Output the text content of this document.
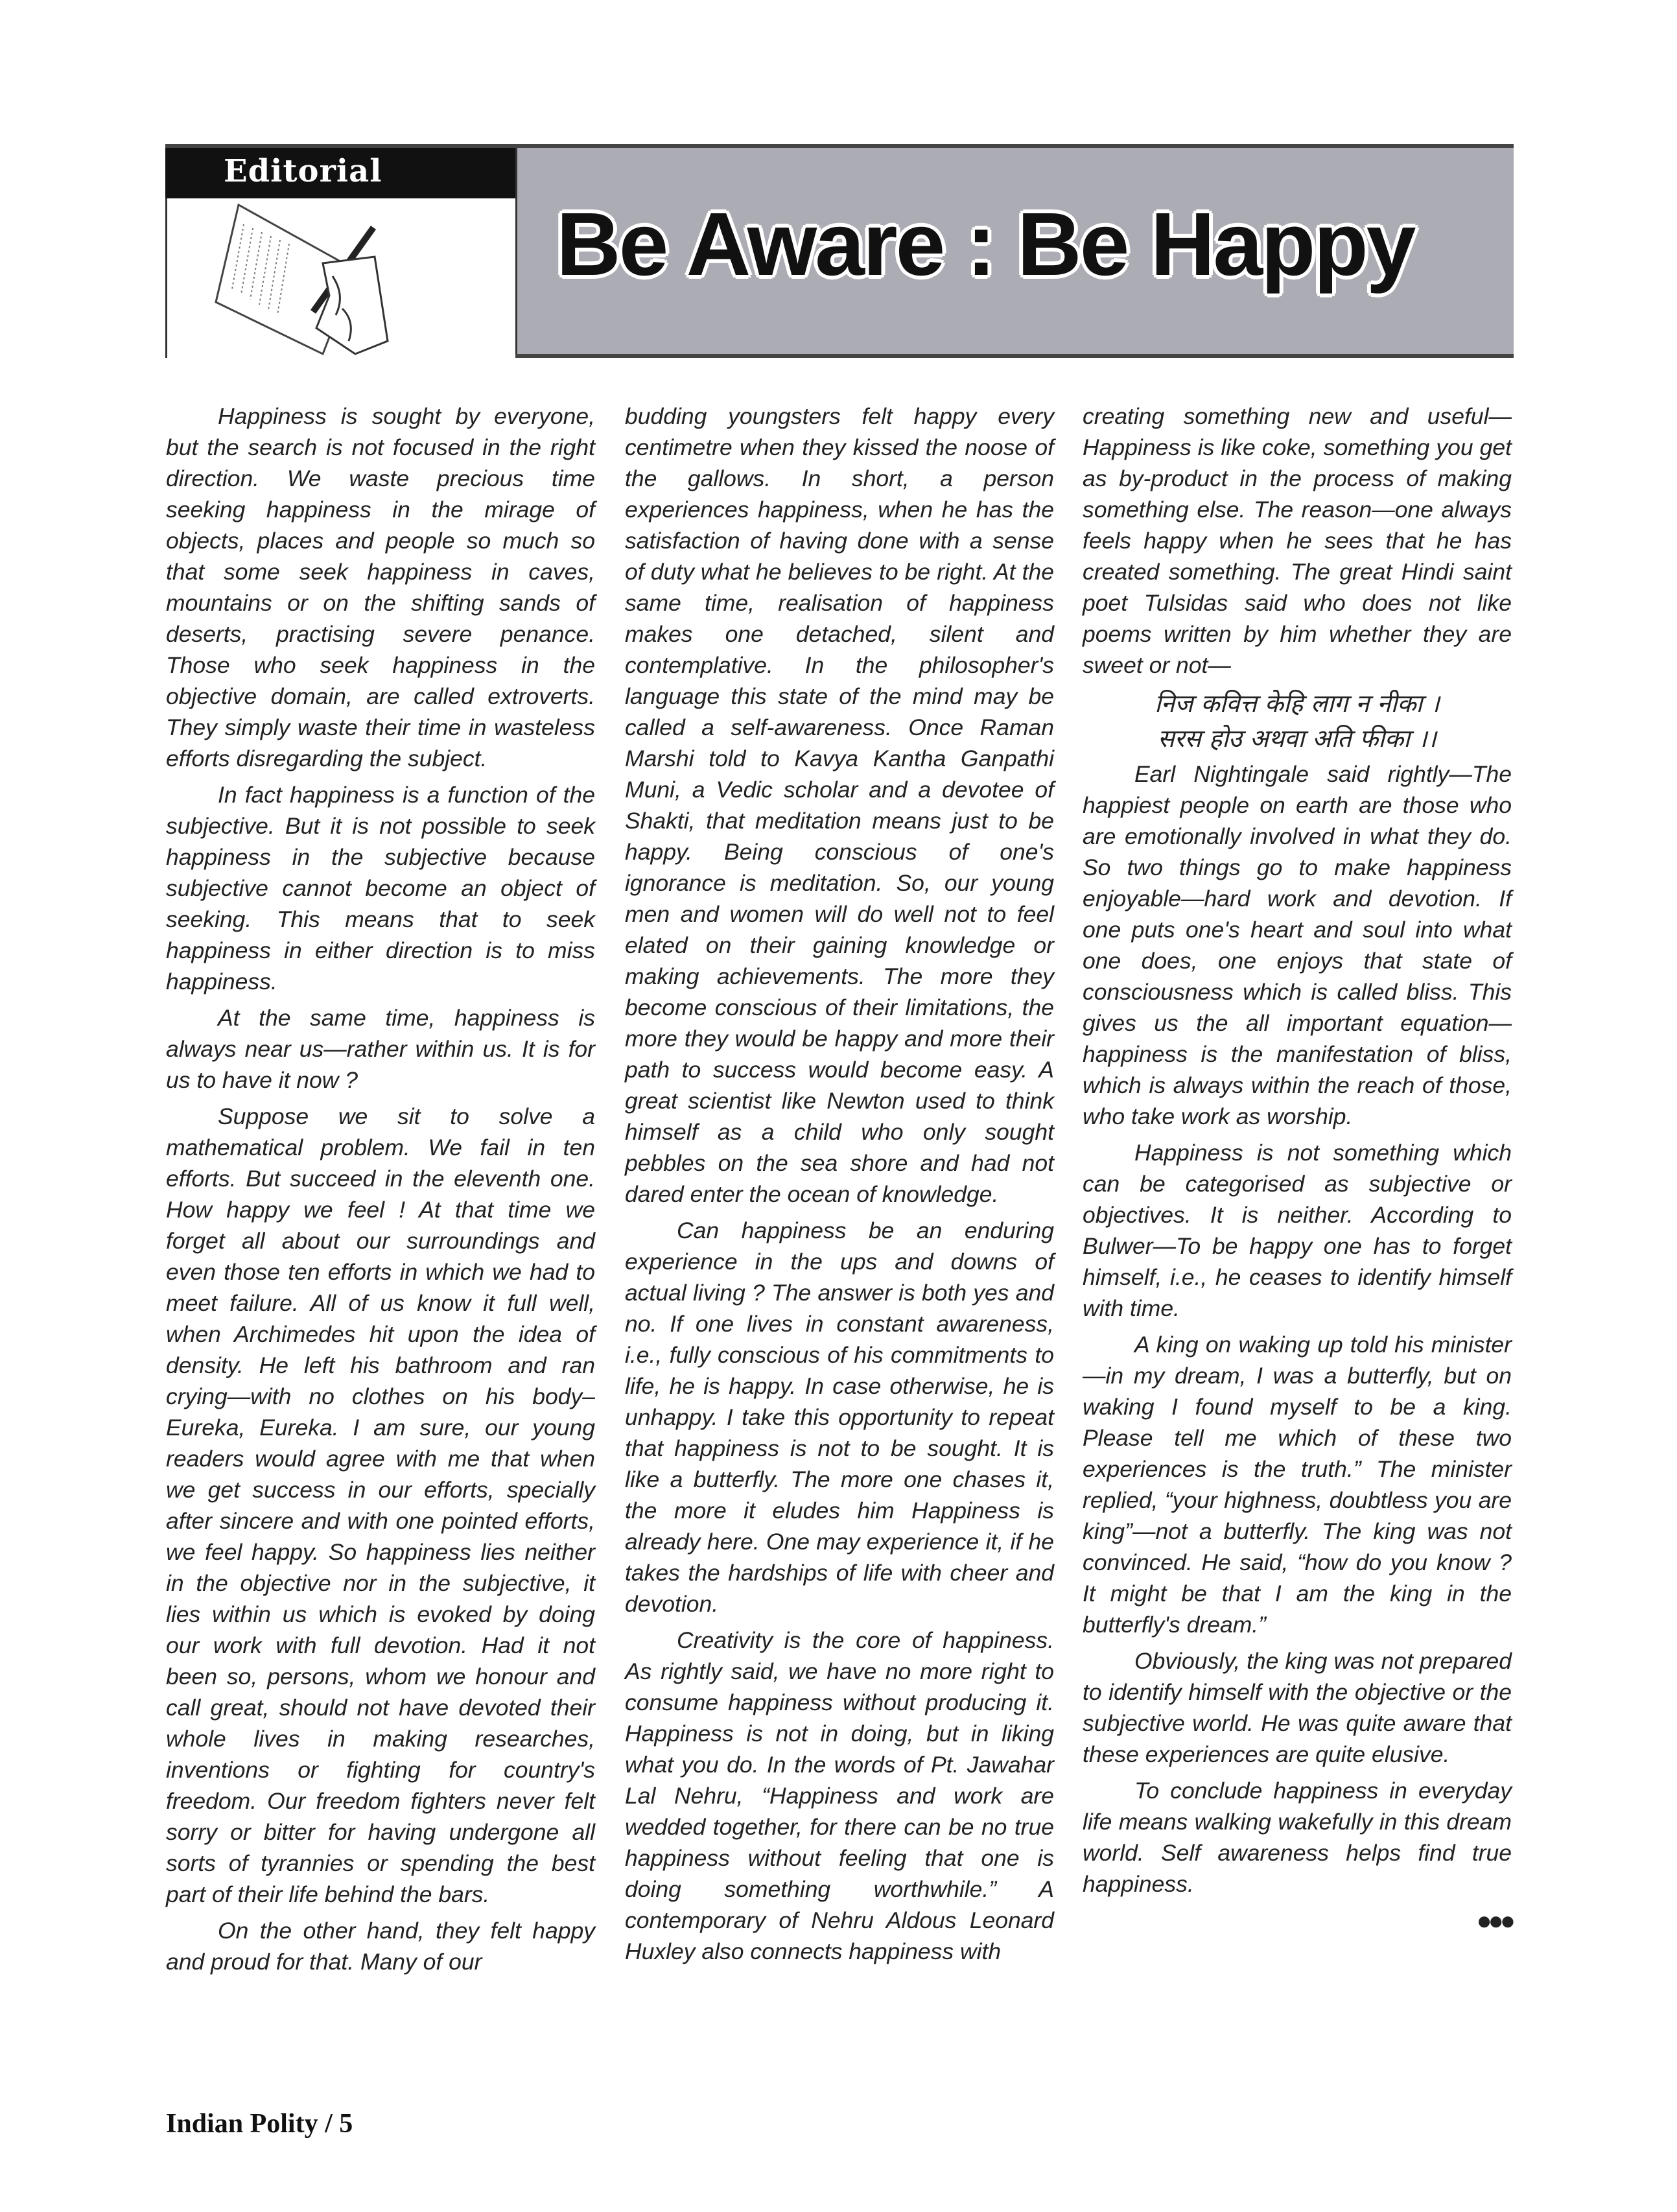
Editorial
Be Aware : Be Happy

Happiness is sought by everyone, but the search is not focused in the right direction. We waste precious time seeking happiness in the mirage of objects, places and people so much so that some seek happiness in caves, mountains or on the shifting sands of deserts, practising severe penance. Those who seek happiness in the objective domain, are called extroverts. They simply waste their time in wasteless efforts disregarding the subject.

In fact happiness is a function of the subjective. But it is not possible to seek happiness in the subjective because subjective cannot become an object of seeking. This means that to seek happiness in either direction is to miss happiness.

At the same time, happiness is always near us—rather within us. It is for us to have it now ?

Suppose we sit to solve a mathematical problem. We fail in ten efforts. But succeed in the eleventh one. How happy we feel ! At that time we forget all about our surroundings and even those ten efforts in which we had to meet failure. All of us know it full well, when Archimedes hit upon the idea of density. He left his bathroom and ran crying—with no clothes on his body–Eureka, Eureka. I am sure, our young readers would agree with me that when we get success in our efforts, specially after sincere and with one pointed efforts, we feel happy. So happiness lies neither in the objective nor in the subjective, it lies within us which is evoked by doing our work with full devotion. Had it not been so, persons, whom we honour and call great, should not have devoted their whole lives in making researches, inventions or fighting for country's freedom. Our freedom fighters never felt sorry or bitter for having undergone all sorts of tyrannies or spending the best part of their life behind the bars.

On the other hand, they felt happy and proud for that. Many of our

budding youngsters felt happy every centimetre when they kissed the noose of the gallows. In short, a person experiences happiness, when he has the satisfaction of having done with a sense of duty what he believes to be right. At the same time, realisation of happiness makes one detached, silent and contemplative. In the philosopher's language this state of the mind may be called a self-awareness. Once Raman Marshi told to Kavya Kantha Ganpathi Muni, a Vedic scholar and a devotee of Shakti, that meditation means just to be happy. Being conscious of one's ignorance is meditation. So, our young men and women will do well not to feel elated on their gaining knowledge or making achievements. The more they become conscious of their limitations, the more they would be happy and more their path to success would become easy. A great scientist like Newton used to think himself as a child who only sought pebbles on the sea shore and had not dared enter the ocean of knowledge.

Can happiness be an enduring experience in the ups and downs of actual living ? The answer is both yes and no. If one lives in constant awareness, i.e., fully conscious of his commitments to life, he is happy. In case otherwise, he is unhappy. I take this opportunity to repeat that happiness is not to be sought. It is like a butterfly. The more one chases it, the more it eludes him Happiness is already here. One may experience it, if he takes the hardships of life with cheer and devotion.

Creativity is the core of happiness. As rightly said, we have no more right to consume happiness without producing it. Happiness is not in doing, but in liking what you do. In the words of Pt. Jawahar Lal Nehru, “Happiness and work are wedded together, for there can be no true happiness without feeling that one is doing something worthwhile.” A contemporary of Nehru Aldous Leonard Huxley also connects happiness with

creating something new and useful—Happiness is like coke, something you get as by-product in the process of making something else. The reason—one always feels happy when he sees that he has created something. The great Hindi saint poet Tulsidas said who does not like poems written by him whether they are sweet or not—

निज कवित्त केहि लाग न नीका ।
सरस होउ अथवा अति फीका ।।

Earl Nightingale said rightly—The happiest people on earth are those who are emotionally involved in what they do. So two things go to make happiness enjoyable—hard work and devotion. If one puts one's heart and soul into what one does, one enjoys that state of consciousness which is called bliss. This gives us the all important equation—happiness is the manifestation of bliss, which is always within the reach of those, who take work as worship.

Happiness is not something which can be categorised as subjective or objectives. It is neither. According to Bulwer—To be happy one has to forget himself, i.e., he ceases to identify himself with time.

A king on waking up told his minister—in my dream, I was a butterfly, but on waking I found myself to be a king. Please tell me which of these two experiences is the truth.” The minister replied, “your highness, doubtless you are king”—not a butterfly. The king was not convinced. He said, “how do you know ? It might be that I am the king in the butterfly's dream.”

Obviously, the king was not prepared to identify himself with the objective or the subjective world. He was quite aware that these experiences are quite elusive.

To conclude happiness in everyday life means walking wakefully in this dream world. Self awareness helps find true happiness.

●●●
Indian Polity / 5
